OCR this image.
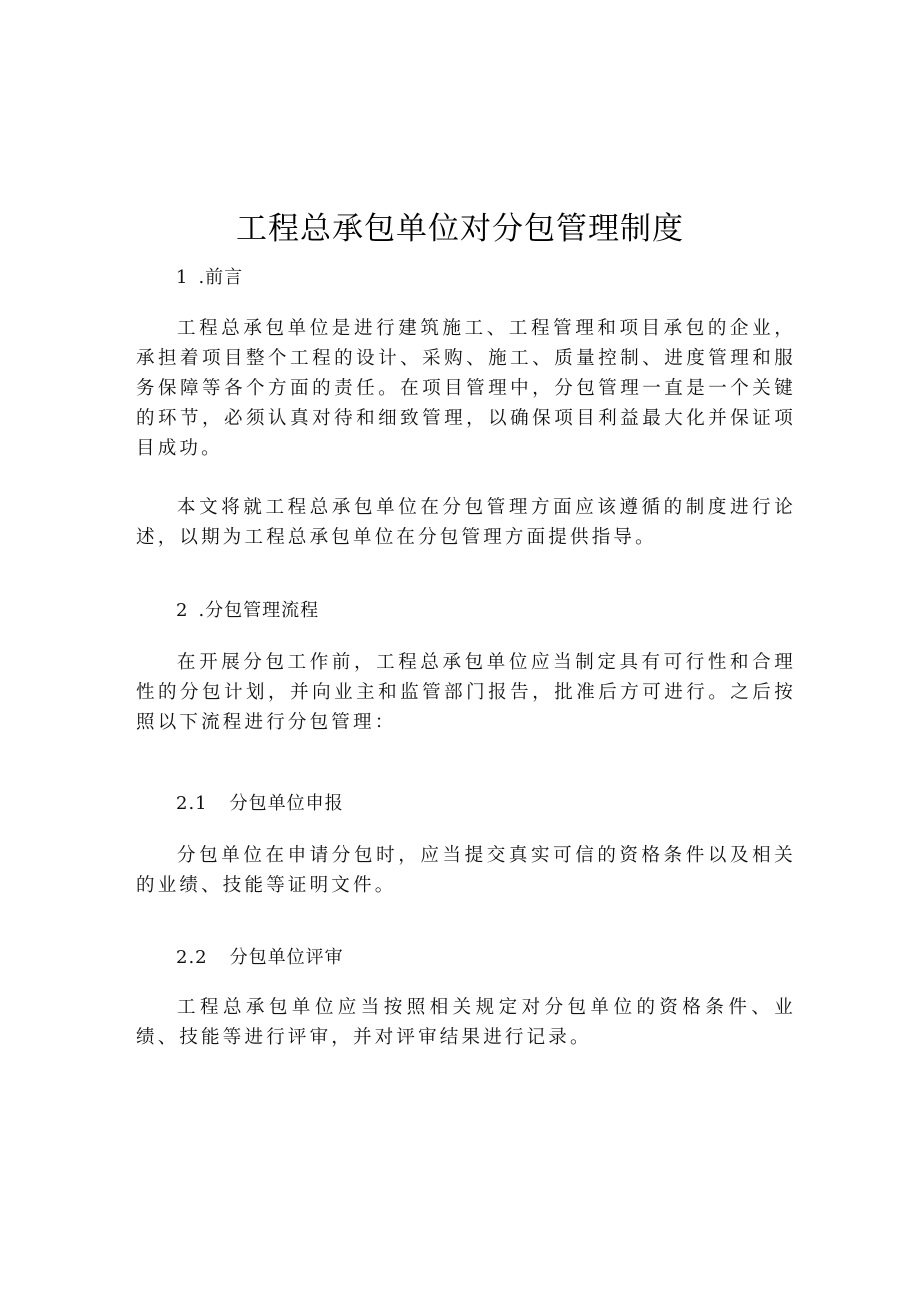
工程总承包单位对分包管理制度
1 .前言

工程总承包单位是进行建筑施工、工程管理和项目承包的企业，承担着项目整个工程的设计、采购、施工、质量控制、进度管理和服务保障等各个方面的责任。在项目管理中，分包管理一直是一个关键的环节，必须认真对待和细致管理，以确保项目利益最大化并保证项目成功。

本文将就工程总承包单位在分包管理方面应该遵循的制度进行论述，以期为工程总承包单位在分包管理方面提供指导。

2 .分包管理流程

在开展分包工作前，工程总承包单位应当制定具有可行性和合理性的分包计划，并向业主和监管部门报告，批准后方可进行。之后按照以下流程进行分包管理：

2.1 分包单位申报

分包单位在申请分包时，应当提交真实可信的资格条件以及相关的业绩、技能等证明文件。

2.2 分包单位评审

工程总承包单位应当按照相关规定对分包单位的资格条件、业绩、技能等进行评审，并对评审结果进行记录。
